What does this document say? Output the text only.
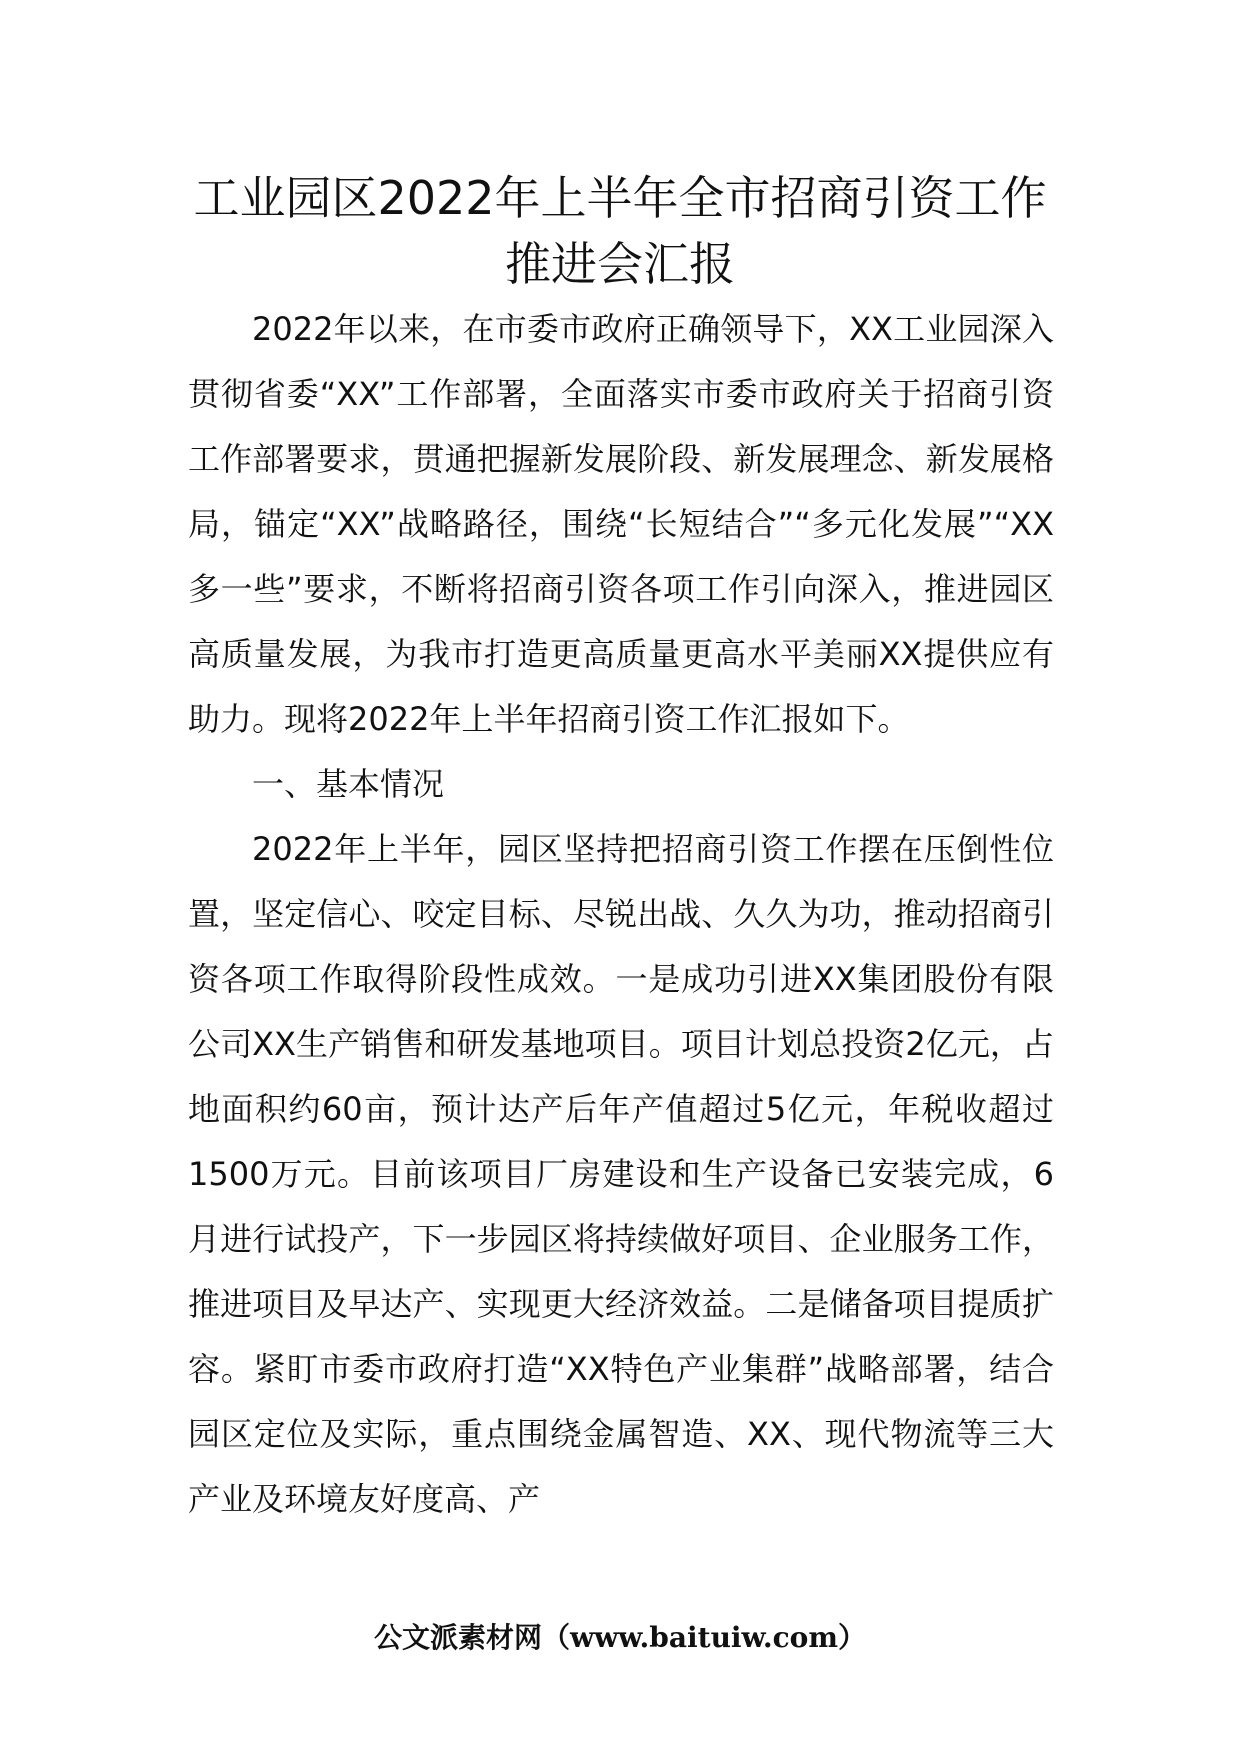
工业园区2022年上半年全市招商引资工作
推进会汇报

2022年以来，在市委市政府正确领导下，XX工业园深入贯彻省委“XX”工作部署，全面落实市委市政府关于招商引资工作部署要求，贯通把握新发展阶段、新发展理念、新发展格局，锚定“XX”战略路径，围绕“长短结合”“多元化发展”“XX多一些”要求，不断将招商引资各项工作引向深入，推进园区高质量发展，为我市打造更高质量更高水平美丽XX提供应有助力。现将2022年上半年招商引资工作汇报如下。

一、基本情况

2022年上半年，园区坚持把招商引资工作摆在压倒性位置，坚定信心、咬定目标、尽锐出战、久久为功，推动招商引资各项工作取得阶段性成效。一是成功引进XX集团股份有限公司XX生产销售和研发基地项目。项目计划总投资2亿元，占地面积约60亩，预计达产后年产值超过5亿元，年税收超过1500万元。目前该项目厂房建设和生产设备已安装完成，6月进行试投产，下一步园区将持续做好项目、企业服务工作，推进项目及早达产、实现更大经济效益。二是储备项目提质扩容。紧盯市委市政府打造“XX特色产业集群”战略部署，结合园区定位及实际，重点围绕金属智造、XX、现代物流等三大产业及环境友好度高、产

公文派素材网（www.baituiw.com）
